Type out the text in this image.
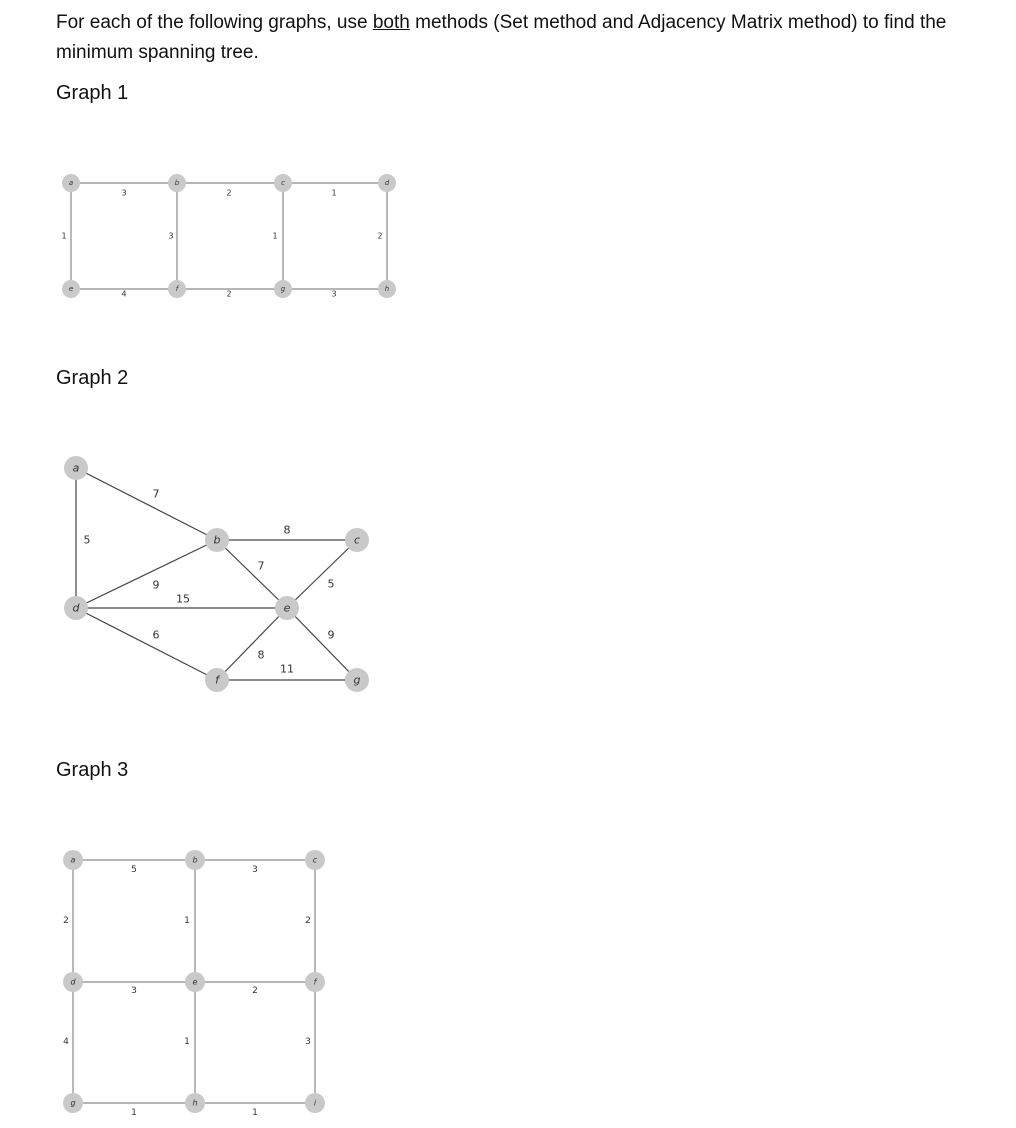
For each of the following graphs, use both methods (Set method and Adjacency Matrix method) to find the minimum spanning tree.

Graph 1
3	2	1
1	3	1	2
4	2	3
a	b	c	d
e	f	g	h
Graph 2
5
7
8
7
9
15
6
5
9
8
11
a
b	c
d	e
f	g
Graph 3
5	3
2	1	2
3	2
4	1	3
1	1
a	b	c
d	e	f
g	h	i
